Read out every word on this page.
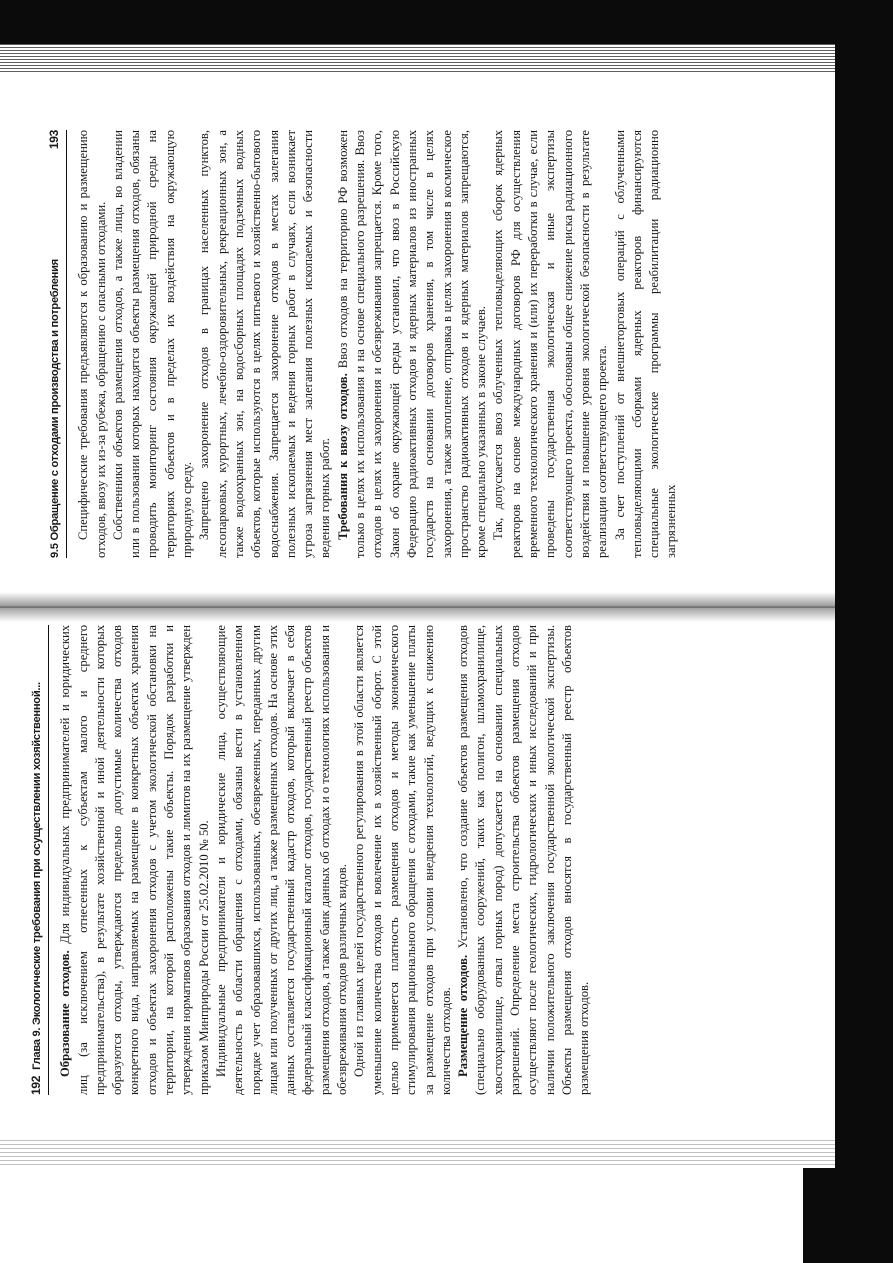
192
Глава 9. Экологические требования при осуществлении хозяйственной... Образование отходов. Для индивидуальных предпринимателей и юридических лиц (за исключением отнесенных к субъектам малого и среднего предпринимательства), в результате хозяйственной и иной деятельности которых образуются отходы, утверждаются предельно допустимые количества отходов конкретного вида, направляемых на размещение в конкретных объектах хранения отходов и объектах захоронения отходов с учетом экологической обстановки на территории, на которой расположены такие объекты. Порядок разработки и утверждения нормативов образования отходов и лимитов на их размещение утвержден приказом Минприроды России от 25.02.2010 № 50. Индивидуальные предприниматели и юридические лица, осуществляющие деятельность в области обращения с отходами, обязаны вести в установленном порядке учет образовавшихся, использованных, обезвреженных, переданных другим лицам или полученных от других лиц, а также размещенных отходов. На основе этих данных составляется государственный кадастр отходов, который включает в себя федеральный классификационный каталог отходов, государственный реестр объектов размещения отходов, а также банк данных об отходах и о технологиях использования и обезвреживания отходов различных видов. Одной из главных целей государственного регулирования в этой области является уменьшение количества отходов и вовлечение их в хозяйственный оборот. С этой целью применяется платность размещения отходов и методы экономического стимулирования рационального обращения с отходами, такие как уменьшение платы за размещение отходов при условии внедрения технологий, ведущих к снижению количества отходов. Размещение отходов. Установлено, что создание объектов размещения отходов (специально оборудованных сооружений, таких как полигон, шламохранилище, хвостохранилище, отвал горных пород) допускается на основании специальных разрешений. Определение места строительства объектов размещения отходов осуществляют после геологических, гидрологических и иных исследований и при наличии положительного заключения государственной экологической экспертизы. Объекты размещения отходов вносятся в государственный реестр объектов размещения отходов.

9.5 Обращение с отходами производства и потребления
193 Специфические требования предъявляются к образованию и размещению отходов, ввозу их из-за рубежа, обращению с опасными отходами. Собственники объектов размещения отходов, а также лица, во владении или в пользовании которых находятся объекты размещения отходов, обязаны проводить мониторинг состояния окружающей природной среды на территориях объектов и в пределах их воздействия на окружающую природную среду. Запрещено захоронение отходов в границах населенных пунктов, лесопарковых, курортных, лечебно-оздоровительных, рекреационных зон, а также водоохранных зон, на водосборных площадях подземных водных объектов, которые используются в целях питьевого и хозяйственно-бытового водоснабжения. Запрещается захоронение отходов в местах залегания полезных ископаемых и ведения горных работ в случаях, если возникает угроза загрязнения мест залегания полезных ископаемых и безопасности ведения горных работ. Требования к ввозу отходов. Ввоз отходов на территорию РФ возможен только в целях их использования и на основе специального разрешения. Ввоз отходов в целях их захоронения и обезвреживания запрещается. Кроме того, Закон об охране окружающей среды установил, что ввоз в Российскую Федерацию радиоактивных отходов и ядерных материалов из иностранных государств на основании договоров хранения, в том числе в целях захоронения, а также затопление, отправка в целях захоронения в космическое пространство радиоактивных отходов и ядерных материалов запрещаются, кроме специально указанных в законе случаев. Так, допускается ввоз облученных тепловыделяющих сборок ядерных реакторов на основе международных договоров РФ для осуществления временного технологического хранения и (или) их переработки в случае, если проведены государственная экологическая и иные экспертизы соответствующего проекта, обоснованы общее снижение риска радиационного воздействия и повышение уровня экологической безопасности в результате реализации соответствующего проекта. За счет поступлений от внешнеторговых операций с облученными тепловыделяющими сборками ядерных реакторов финансируются специальные экологические программы реабилитации радиационно загрязненных
